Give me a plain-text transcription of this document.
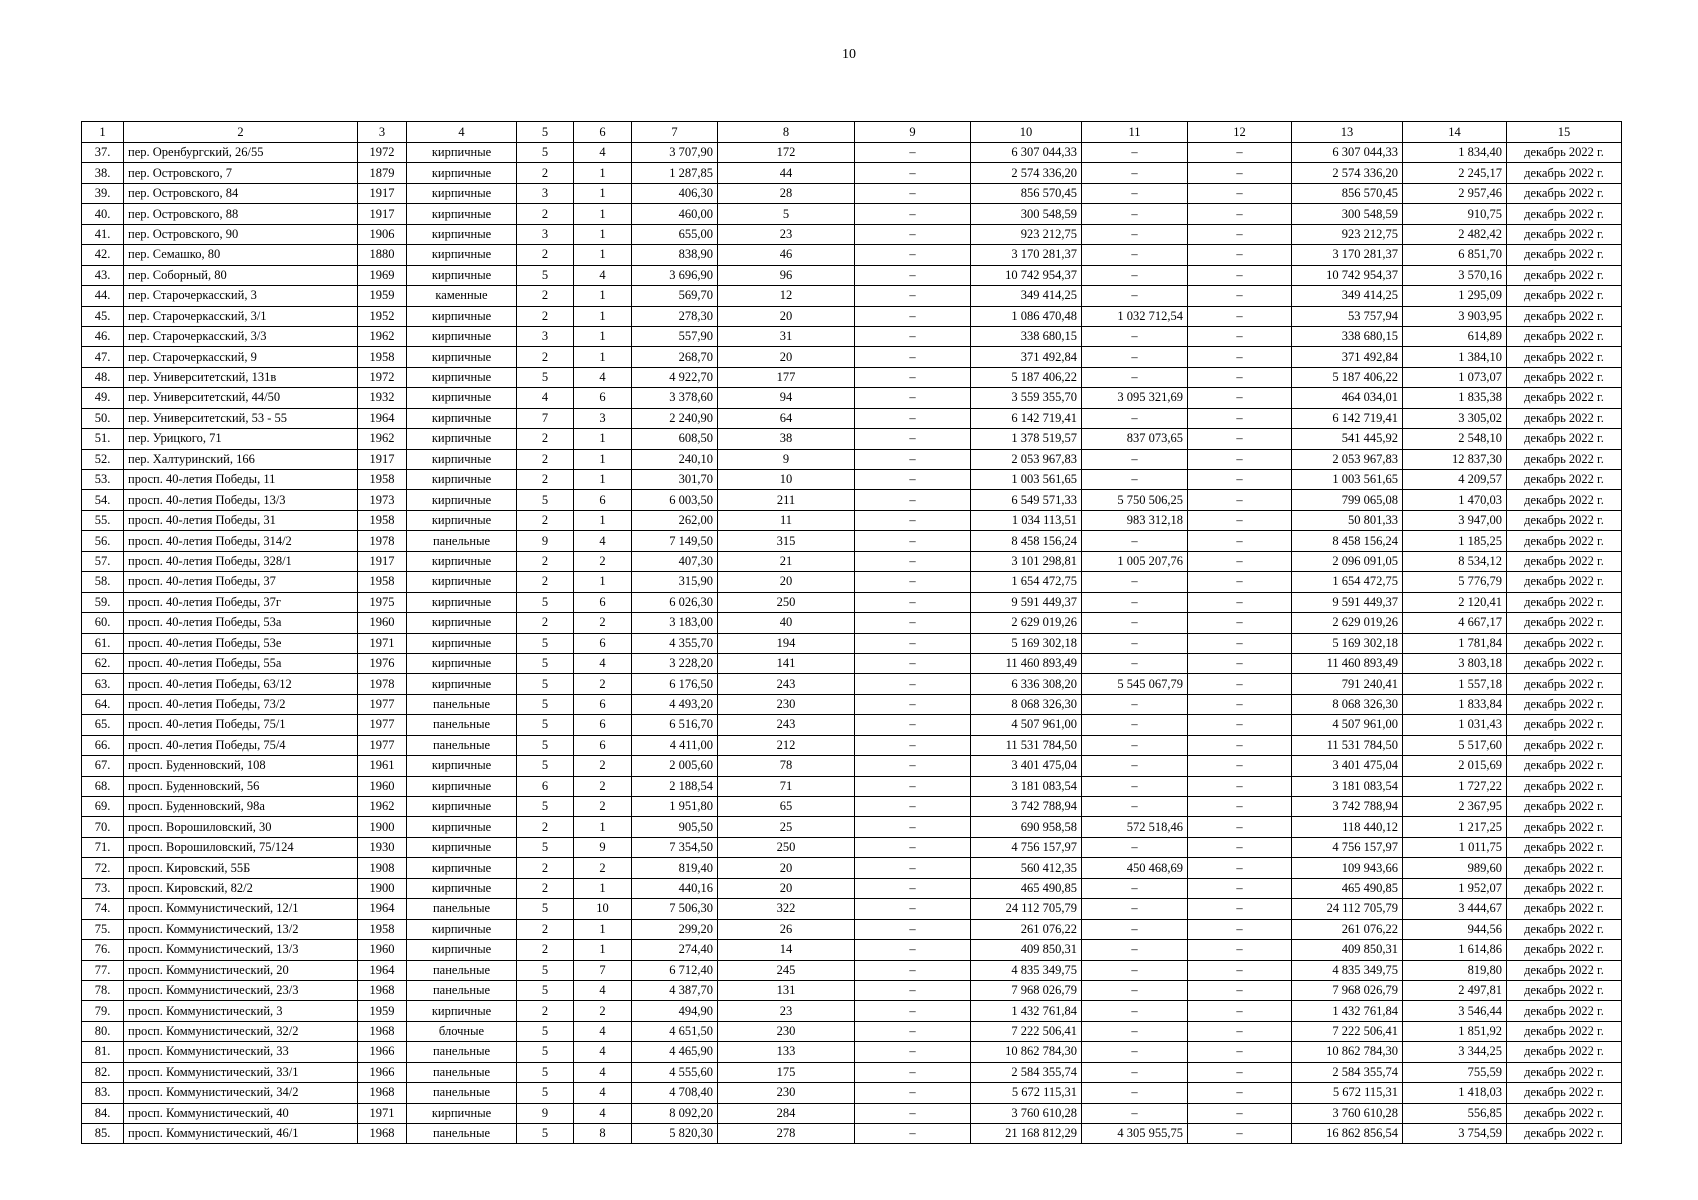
10
1	2	3	4	5	6	7	8	9	10	11	12	13	14	15
37.	пер. Оренбургский, 26/55	1972	кирпичные	5	4	3 707,90	172	–	6 307 044,33	–	–	6 307 044,33	1 834,40	декабрь 2022 г.
38.	пер. Островского, 7	1879	кирпичные	2	1	1 287,85	44	–	2 574 336,20	–	–	2 574 336,20	2 245,17	декабрь 2022 г.
39.	пер. Островского, 84	1917	кирпичные	3	1	406,30	28	–	856 570,45	–	–	856 570,45	2 957,46	декабрь 2022 г.
40.	пер. Островского, 88	1917	кирпичные	2	1	460,00	5	–	300 548,59	–	–	300 548,59	910,75	декабрь 2022 г.
41.	пер. Островского, 90	1906	кирпичные	3	1	655,00	23	–	923 212,75	–	–	923 212,75	2 482,42	декабрь 2022 г.
42.	пер. Семашко, 80	1880	кирпичные	2	1	838,90	46	–	3 170 281,37	–	–	3 170 281,37	6 851,70	декабрь 2022 г.
43.	пер. Соборный, 80	1969	кирпичные	5	4	3 696,90	96	–	10 742 954,37	–	–	10 742 954,37	3 570,16	декабрь 2022 г.
44.	пер. Старочеркасский, 3	1959	каменные	2	1	569,70	12	–	349 414,25	–	–	349 414,25	1 295,09	декабрь 2022 г.
45.	пер. Старочеркасский, 3/1	1952	кирпичные	2	1	278,30	20	–	1 086 470,48	1 032 712,54	–	53 757,94	3 903,95	декабрь 2022 г.
46.	пер. Старочеркасский, 3/3	1962	кирпичные	3	1	557,90	31	–	338 680,15	–	–	338 680,15	614,89	декабрь 2022 г.
47.	пер. Старочеркасский, 9	1958	кирпичные	2	1	268,70	20	–	371 492,84	–	–	371 492,84	1 384,10	декабрь 2022 г.
48.	пер. Университетский, 131в	1972	кирпичные	5	4	4 922,70	177	–	5 187 406,22	–	–	5 187 406,22	1 073,07	декабрь 2022 г.
49.	пер. Университетский, 44/50	1932	кирпичные	4	6	3 378,60	94	–	3 559 355,70	3 095 321,69	–	464 034,01	1 835,38	декабрь 2022 г.
50.	пер. Университетский, 53 - 55	1964	кирпичные	7	3	2 240,90	64	–	6 142 719,41	–	–	6 142 719,41	3 305,02	декабрь 2022 г.
51.	пер. Урицкого, 71	1962	кирпичные	2	1	608,50	38	–	1 378 519,57	837 073,65	–	541 445,92	2 548,10	декабрь 2022 г.
52.	пер. Халтуринский, 166	1917	кирпичные	2	1	240,10	9	–	2 053 967,83	–	–	2 053 967,83	12 837,30	декабрь 2022 г.
53.	просп. 40-летия Победы, 11	1958	кирпичные	2	1	301,70	10	–	1 003 561,65	–	–	1 003 561,65	4 209,57	декабрь 2022 г.
54.	просп. 40-летия Победы, 13/3	1973	кирпичные	5	6	6 003,50	211	–	6 549 571,33	5 750 506,25	–	799 065,08	1 470,03	декабрь 2022 г.
55.	просп. 40-летия Победы, 31	1958	кирпичные	2	1	262,00	11	–	1 034 113,51	983 312,18	–	50 801,33	3 947,00	декабрь 2022 г.
56.	просп. 40-летия Победы, 314/2	1978	панельные	9	4	7 149,50	315	–	8 458 156,24	–	–	8 458 156,24	1 185,25	декабрь 2022 г.
57.	просп. 40-летия Победы, 328/1	1917	кирпичные	2	2	407,30	21	–	3 101 298,81	1 005 207,76	–	2 096 091,05	8 534,12	декабрь 2022 г.
58.	просп. 40-летия Победы, 37	1958	кирпичные	2	1	315,90	20	–	1 654 472,75	–	–	1 654 472,75	5 776,79	декабрь 2022 г.
59.	просп. 40-летия Победы, 37г	1975	кирпичные	5	6	6 026,30	250	–	9 591 449,37	–	–	9 591 449,37	2 120,41	декабрь 2022 г.
60.	просп. 40-летия Победы, 53а	1960	кирпичные	2	2	3 183,00	40	–	2 629 019,26	–	–	2 629 019,26	4 667,17	декабрь 2022 г.
61.	просп. 40-летия Победы, 53е	1971	кирпичные	5	6	4 355,70	194	–	5 169 302,18	–	–	5 169 302,18	1 781,84	декабрь 2022 г.
62.	просп. 40-летия Победы, 55а	1976	кирпичные	5	4	3 228,20	141	–	11 460 893,49	–	–	11 460 893,49	3 803,18	декабрь 2022 г.
63.	просп. 40-летия Победы, 63/12	1978	кирпичные	5	2	6 176,50	243	–	6 336 308,20	5 545 067,79	–	791 240,41	1 557,18	декабрь 2022 г.
64.	просп. 40-летия Победы, 73/2	1977	панельные	5	6	4 493,20	230	–	8 068 326,30	–	–	8 068 326,30	1 833,84	декабрь 2022 г.
65.	просп. 40-летия Победы, 75/1	1977	панельные	5	6	6 516,70	243	–	4 507 961,00	–	–	4 507 961,00	1 031,43	декабрь 2022 г.
66.	просп. 40-летия Победы, 75/4	1977	панельные	5	6	4 411,00	212	–	11 531 784,50	–	–	11 531 784,50	5 517,60	декабрь 2022 г.
67.	просп. Буденновский, 108	1961	кирпичные	5	2	2 005,60	78	–	3 401 475,04	–	–	3 401 475,04	2 015,69	декабрь 2022 г.
68.	просп. Буденновский, 56	1960	кирпичные	6	2	2 188,54	71	–	3 181 083,54	–	–	3 181 083,54	1 727,22	декабрь 2022 г.
69.	просп. Буденновский, 98а	1962	кирпичные	5	2	1 951,80	65	–	3 742 788,94	–	–	3 742 788,94	2 367,95	декабрь 2022 г.
70.	просп. Ворошиловский, 30	1900	кирпичные	2	1	905,50	25	–	690 958,58	572 518,46	–	118 440,12	1 217,25	декабрь 2022 г.
71.	просп. Ворошиловский, 75/124	1930	кирпичные	5	9	7 354,50	250	–	4 756 157,97	–	–	4 756 157,97	1 011,75	декабрь 2022 г.
72.	просп. Кировский, 55Б	1908	кирпичные	2	2	819,40	20	–	560 412,35	450 468,69	–	109 943,66	989,60	декабрь 2022 г.
73.	просп. Кировский, 82/2	1900	кирпичные	2	1	440,16	20	–	465 490,85	–	–	465 490,85	1 952,07	декабрь 2022 г.
74.	просп. Коммунистический, 12/1	1964	панельные	5	10	7 506,30	322	–	24 112 705,79	–	–	24 112 705,79	3 444,67	декабрь 2022 г.
75.	просп. Коммунистический, 13/2	1958	кирпичные	2	1	299,20	26	–	261 076,22	–	–	261 076,22	944,56	декабрь 2022 г.
76.	просп. Коммунистический, 13/3	1960	кирпичные	2	1	274,40	14	–	409 850,31	–	–	409 850,31	1 614,86	декабрь 2022 г.
77.	просп. Коммунистический, 20	1964	панельные	5	7	6 712,40	245	–	4 835 349,75	–	–	4 835 349,75	819,80	декабрь 2022 г.
78.	просп. Коммунистический, 23/3	1968	панельные	5	4	4 387,70	131	–	7 968 026,79	–	–	7 968 026,79	2 497,81	декабрь 2022 г.
79.	просп. Коммунистический, 3	1959	кирпичные	2	2	494,90	23	–	1 432 761,84	–	–	1 432 761,84	3 546,44	декабрь 2022 г.
80.	просп. Коммунистический, 32/2	1968	блочные	5	4	4 651,50	230	–	7 222 506,41	–	–	7 222 506,41	1 851,92	декабрь 2022 г.
81.	просп. Коммунистический, 33	1966	панельные	5	4	4 465,90	133	–	10 862 784,30	–	–	10 862 784,30	3 344,25	декабрь 2022 г.
82.	просп. Коммунистический, 33/1	1966	панельные	5	4	4 555,60	175	–	2 584 355,74	–	–	2 584 355,74	755,59	декабрь 2022 г.
83.	просп. Коммунистический, 34/2	1968	панельные	5	4	4 708,40	230	–	5 672 115,31	–	–	5 672 115,31	1 418,03	декабрь 2022 г.
84.	просп. Коммунистический, 40	1971	кирпичные	9	4	8 092,20	284	–	3 760 610,28	–	–	3 760 610,28	556,85	декабрь 2022 г.
85.	просп. Коммунистический, 46/1	1968	панельные	5	8	5 820,30	278	–	21 168 812,29	4 305 955,75	–	16 862 856,54	3 754,59	декабрь 2022 г.
